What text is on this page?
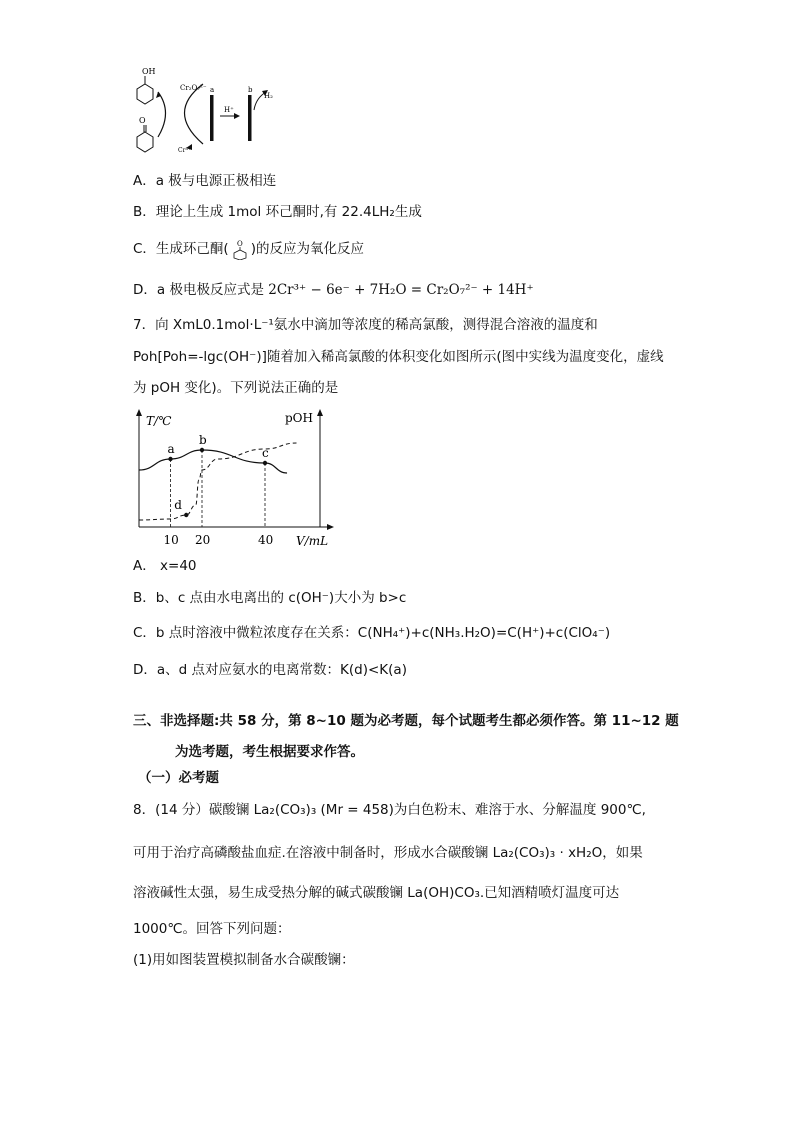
OH
O
Cr₂O₇²⁻
Cr³⁺
a
H⁺
b
H₂
A．a 极与电源正极相连
B．理论上生成 1mol 环己酮时,有 22.4LH₂生成
C．生成环己酮( O )的反应为氧化反应
D．a 极电极反应式是 2Cr³⁺ − 6e⁻ + 7H₂O = Cr₂O₇²⁻ + 14H⁺
7．向 XmL0.1mol·L⁻¹氨水中滴加等浓度的稀高氯酸，测得混合溶液的温度和
Poh[Poh=-lgc(OH⁻)]随着加入稀高氯酸的体积变化如图所示(图中实线为温度变化，虚线
为 pOH 变化)。下列说法正确的是
T/℃	pOH
V/mL
a
b
c
d
10 20	40
A． x=40
B．b、c 点由水电离出的 c(OH⁻)大小为 b>c
C．b 点时溶液中微粒浓度存在关系：C(NH₄⁺)+c(NH₃.H₂O)=C(H⁺)+c(ClO₄⁻)
D．a、d 点对应氨水的电离常数：K(d)<K(a)
三、非选择题:共 58 分，第 8~10 题为必考题，每个试题考生都必须作答。第 11~12 题
为选考题，考生根据要求作答。
（一）必考题
8．(14 分）碳酸镧 La₂(CO₃)₃ (Mr = 458)为白色粉末、难溶于水、分解温度 900℃,
可用于治疗高磷酸盐血症.在溶液中制备时，形成水合碳酸镧 La₂(CO₃)₃ · xH₂O，如果
溶液碱性太强，易生成受热分解的碱式碳酸镧 La(OH)CO₃.已知酒精喷灯温度可达
1000℃。回答下列问题：
(1)用如图装置模拟制备水合碳酸镧：
